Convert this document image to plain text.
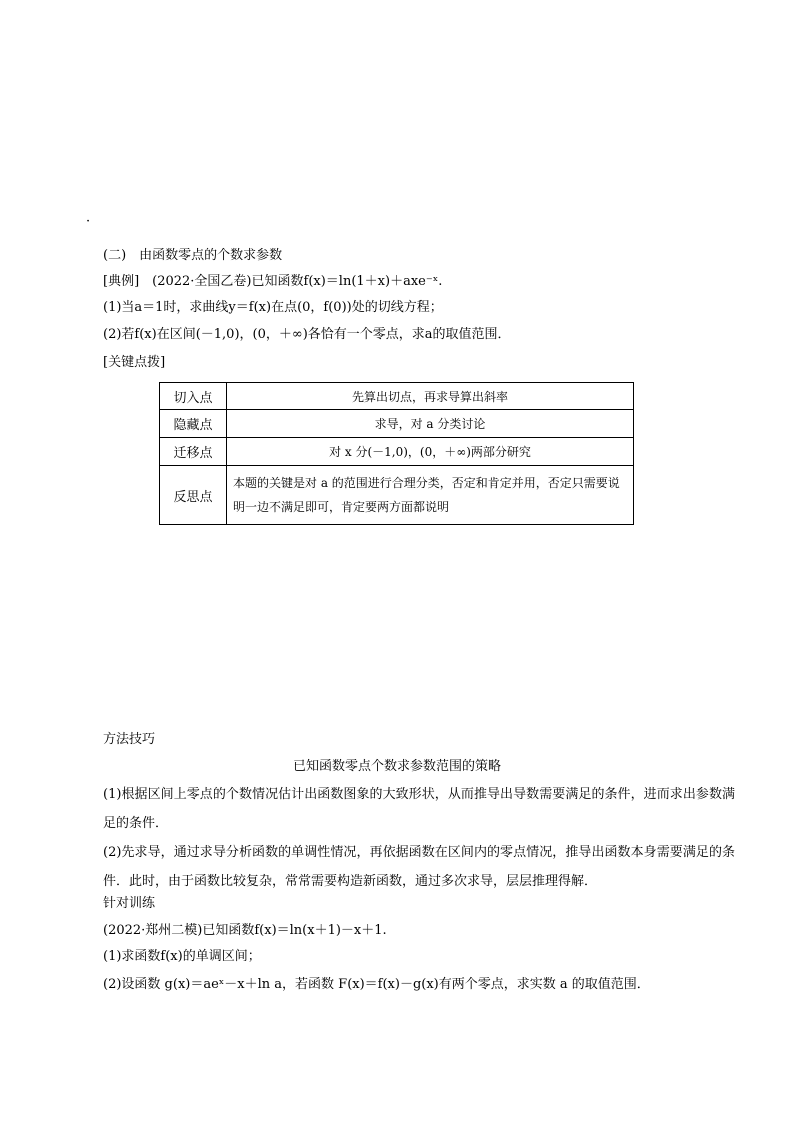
·
(二)　由函数零点的个数求参数
[典例]　(2022·全国乙卷)已知函数f(x)＝ln(1＋x)＋axe⁻ˣ.
(1)当a＝1时，求曲线y＝f(x)在点(0，f(0))处的切线方程；
(2)若f(x)在区间(－1,0)，(0，＋∞)各恰有一个零点，求a的取值范围．
[关键点拨]
切入点	先算出切点，再求导算出斜率
隐藏点	求导，对 a 分类讨论
迁移点	对 x 分(－1,0)，(0，＋∞)两部分研究
反思点	本题的关键是对 a 的范围进行合理分类，否定和肯定并用，否定只需要说明一边不满足即可，肯定要两方面都说明
方法技巧
已知函数零点个数求参数范围的策略
(1)根据区间上零点的个数情况估计出函数图象的大致形状，从而推导出导数需要满足的条件，进而求出参数满足的条件．
(2)先求导，通过求导分析函数的单调性情况，再依据函数在区间内的零点情况，推导出函数本身需要满足的条件．此时，由于函数比较复杂，常常需要构造新函数，通过多次求导，层层推理得解．
针对训练
(2022·郑州二模)已知函数f(x)＝ln(x＋1)－x＋1.
(1)求函数f(x)的单调区间；
(2)设函数 g(x)＝aeˣ－x＋ln a，若函数 F(x)＝f(x)－g(x)有两个零点，求实数 a 的取值范围．
